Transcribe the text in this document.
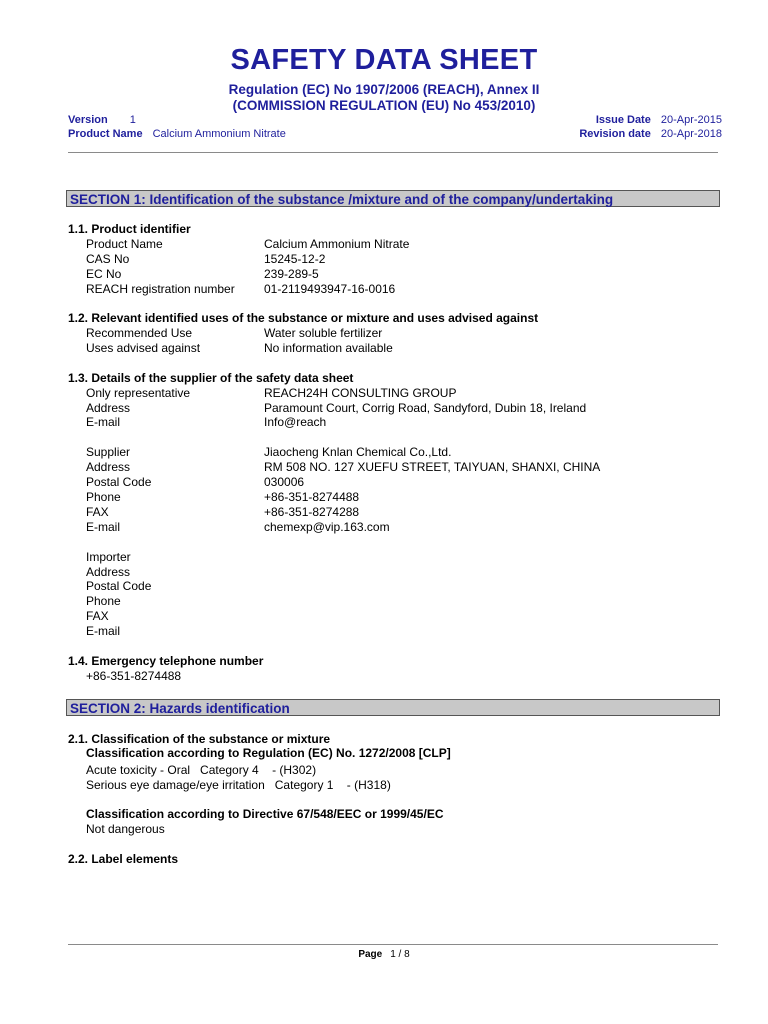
SAFETY DATA SHEET
Regulation (EC) No 1907/2006 (REACH), Annex II
(COMMISSION REGULATION (EU) No 453/2010)
Version 1
Product Name Calcium Ammonium Nitrate
Issue Date 20-Apr-2015
Revision date 20-Apr-2018
SECTION 1: Identification of the substance /mixture and of the company/undertaking
1.1. Product identifier
Product Name	Calcium Ammonium Nitrate
CAS No	15245-12-2
EC No	239-289-5
REACH registration number 01-2119493947-16-0016
1.2. Relevant identified uses of the substance or mixture and uses advised against
Recommended Use	Water soluble fertilizer
Uses advised against	No information available
1.3. Details of the supplier of the safety data sheet
Only representative	REACH24H CONSULTING GROUP
Address	Paramount Court, Corrig Road, Sandyford, Dubin 18, Ireland
E-mail	Info@reach
Supplier	Jiaocheng Knlan Chemical Co.,Ltd.
Address	RM 508 NO. 127 XUEFU STREET, TAIYUAN, SHANXI, CHINA
Postal Code	030006
Phone	+86-351-8274488
FAX	+86-351-8274288
E-mail	chemexp@vip.163.com
Importer
Address
Postal Code
Phone
FAX
E-mail
1.4. Emergency telephone number
+86-351-8274488
SECTION 2: Hazards identification
2.1. Classification of the substance or mixture
Classification according to Regulation (EC) No. 1272/2008 [CLP]
Acute toxicity - Oral   Category 4    - (H302)
Serious eye damage/eye irritation   Category 1    - (H318)
Classification according to Directive 67/548/EEC or 1999/45/EC
Not dangerous
2.2. Label elements
Page 1 / 8
